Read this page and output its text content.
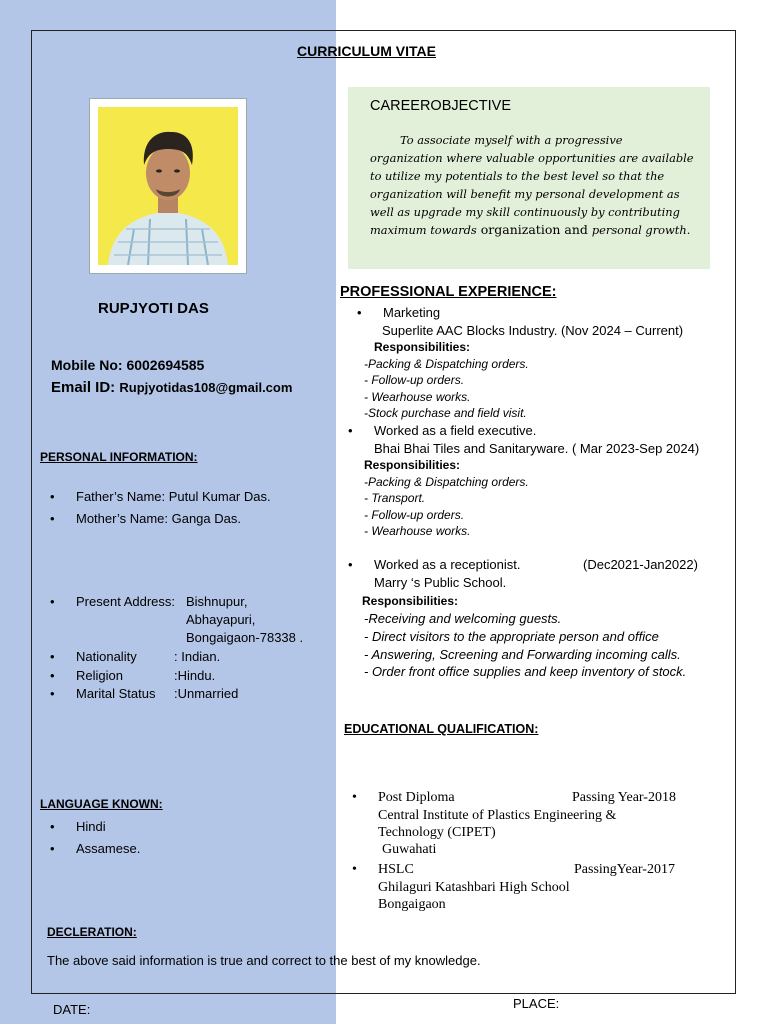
CURRICULUM VITAE
RUPJYOTI DAS
Mobile No: 6002694585
Email ID: Rupjyotidas108@gmail.com
PERSONAL INFORMATION:
• Father’s Name: Putul Kumar Das.
• Mother’s Name: Ganga Das.
• Present Address: Bishnupur,
Abhayapuri,
Bongaigaon-78338 .
• Nationality	: Indian.
• Religion	:Hindu.
• Marital Status :Unmarried
LANGUAGE KNOWN:
• Hindi
• Assamese.
DECLERATION:
The above said information is true and correct to the best of my knowledge.
DATE:	PLACE:
CAREEROBJECTIVE
To associate myself with a progressive organization where valuable opportunities are available to utilize my potentials to the best level so that the organization will benefit my personal development as well as upgrade my skill continuously by contributing maximum towards organization and personal growth.
PROFESSIONAL EXPERIENCE:
• Marketing
Superlite AAC Blocks Industry. (Nov 2024 – Current)
Responsibilities:
-Packing & Dispatching orders.
- Follow-up orders.
- Wearhouse works.
-Stock purchase and field visit.
• Worked as a field executive.
Bhai Bhai Tiles and Sanitaryware. ( Mar 2023-Sep 2024)
Responsibilities:
-Packing & Dispatching orders.
- Transport.
- Follow-up orders.
- Wearhouse works.
• Worked as a receptionist.	(Dec2021-Jan2022)
Marry ‘s Public School.
Responsibilities:
-Receiving and welcoming guests.
- Direct visitors to the appropriate person and office
- Answering, Screening and Forwarding incoming calls.
- Order front office supplies and keep inventory of stock.
EDUCATIONAL QUALIFICATION:
• Post Diploma	Passing Year-2018
Central Institute of Plastics Engineering &
Technology (CIPET)
Guwahati
• HSLC	PassingYear-2017
Ghilaguri Katashbari High School
Bongaigaon
